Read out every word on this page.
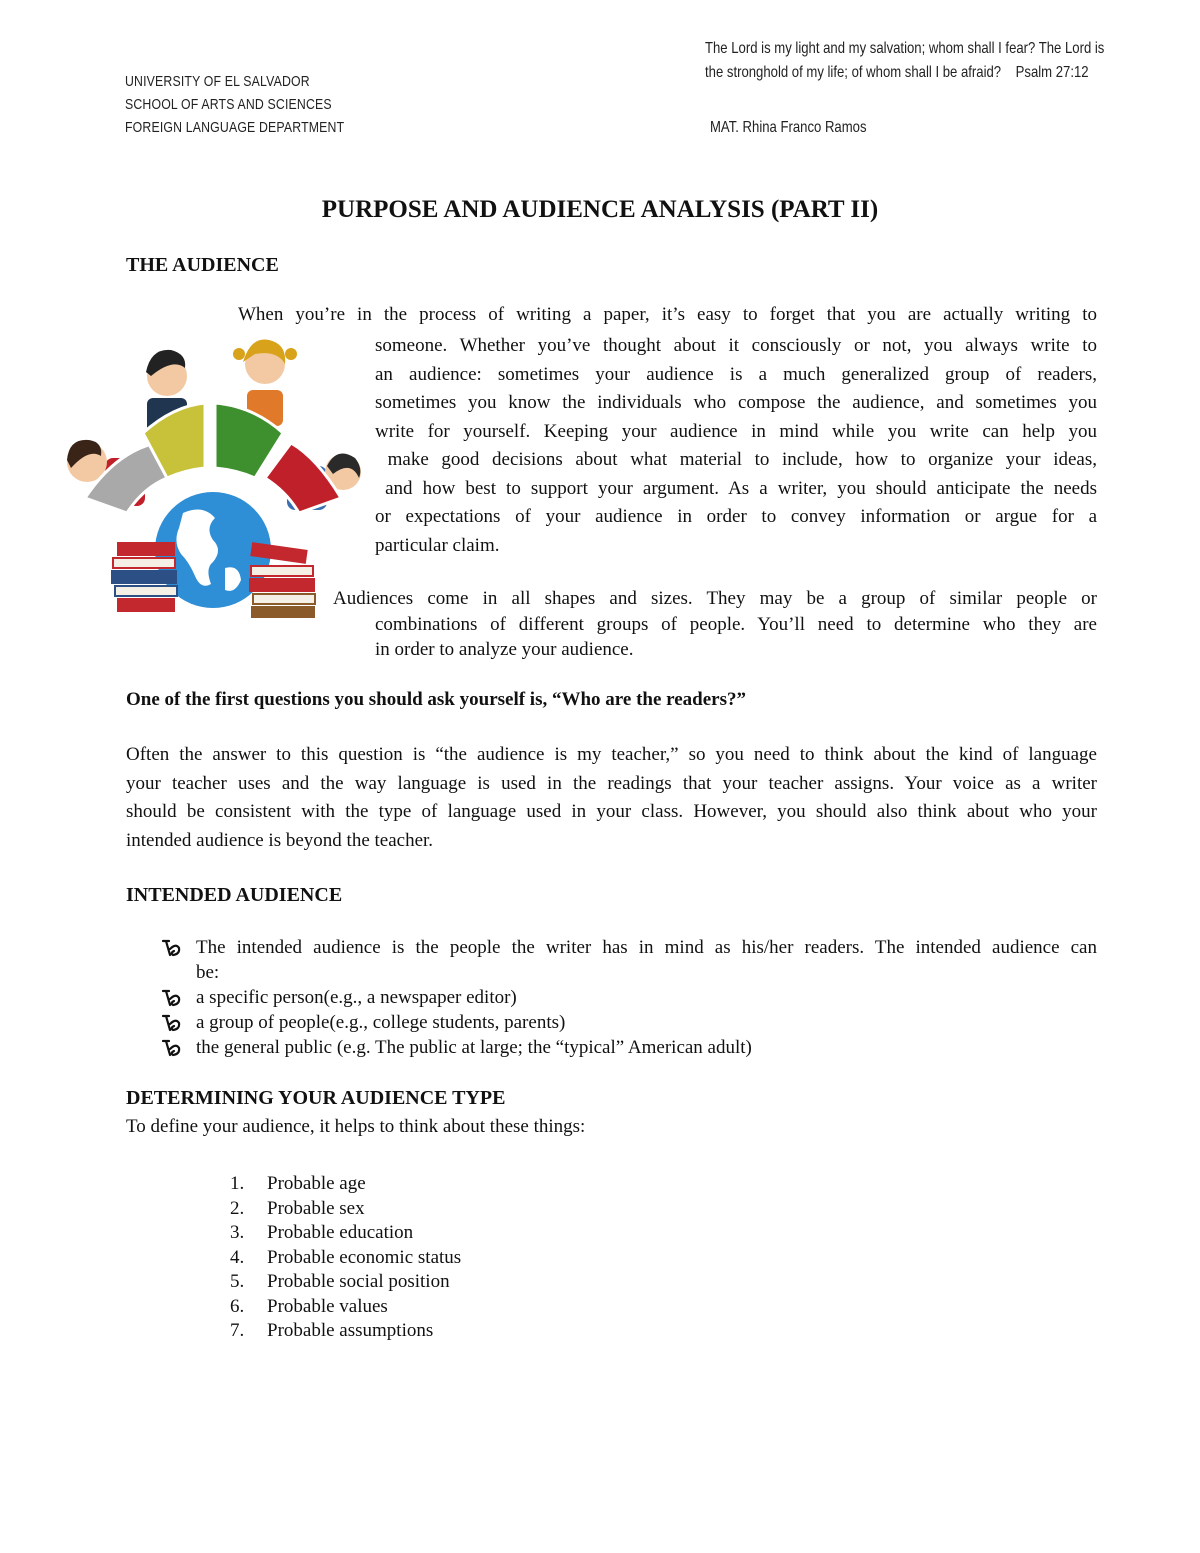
UNIVERSITY OF EL SALVADOR
SCHOOL OF ARTS AND SCIENCES
FOREIGN LANGUAGE DEPARTMENT
The Lord is my light and my salvation; whom shall I fear? The Lord is
the stronghold of my life; of whom shall I be afraid?    Psalm 27:12
MAT. Rhina Franco Ramos
PURPOSE AND AUDIENCE ANALYSIS (PART II)
THE AUDIENCE
When you’re in the process of writing a paper, it’s easy to forget that you are actually writing to
someone. Whether you’ve thought about it consciously or not, you always write to
an audience: sometimes your audience is a much generalized group of readers,
sometimes you know the individuals who compose the audience, and sometimes you
write for yourself. Keeping your audience in mind while you write can help you
make good decisions about what material to include, how to organize your ideas,
and how best to support your argument. As a writer, you should anticipate the needs
or expectations of your audience in order to convey information or argue for a
particular claim.
Audiences come in all shapes and sizes. They may be a group of similar people or
combinations of different groups of people. You’ll need to determine who they are
in order to analyze your audience.
One of the first questions you should ask yourself is, “Who are the readers?”
Often the answer to this question is “the audience is my teacher,” so you need to think about the kind of language
your teacher uses and the way language is used in the readings that your teacher assigns. Your voice as a writer
should be consistent with the type of language used in your class. However, you should also think about who your
intended audience is beyond the teacher.
INTENDED AUDIENCE
The intended audience is the people the writer has in mind as his/her readers. The intended audience can
be:
a specific person(e.g., a newspaper editor)
a group of people(e.g., college students, parents)
the general public (e.g. The public at large; the “typical” American adult)
DETERMINING YOUR AUDIENCE TYPE
To define your audience, it helps to think about these things:
1. Probable age
2. Probable sex
3. Probable education
4. Probable economic status
5. Probable social position
6. Probable values
7. Probable assumptions
